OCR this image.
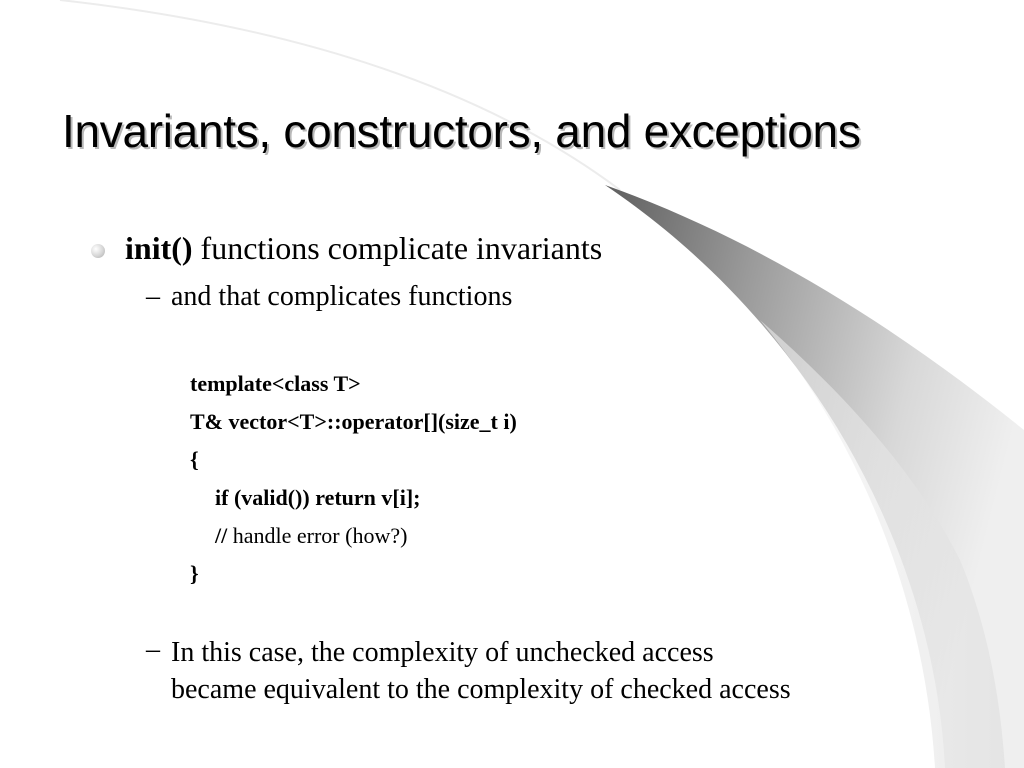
Invariants, constructors, and exceptions
init() functions complicate invariants
– and that complicates functions
template<class T>
T& vector<T>::operator[](size_t i)
{
if (valid()) return v[i];
// handle error (how?)
}
– In this case, the complexity of unchecked access
became equivalent to the complexity of checked access
